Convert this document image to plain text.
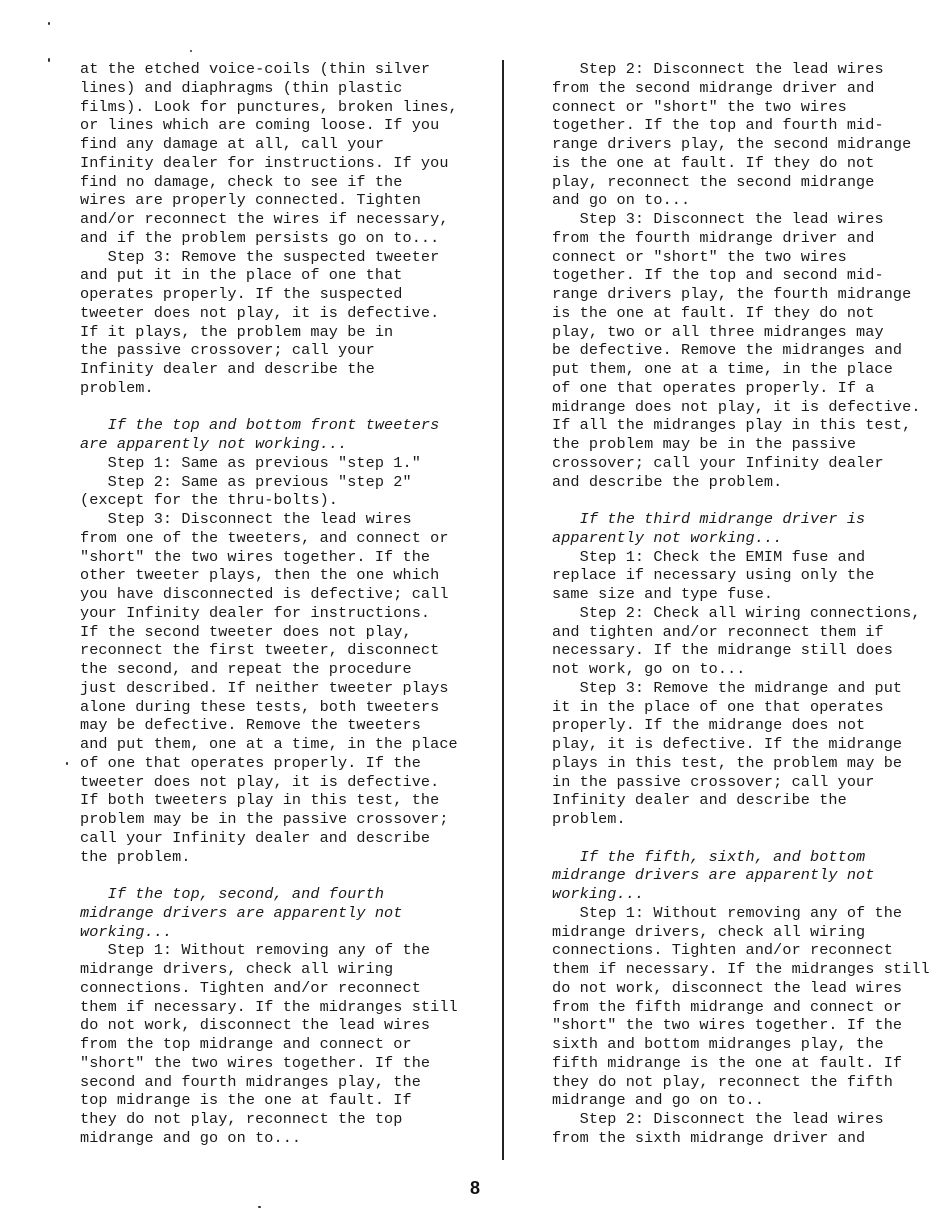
at the etched voice-coils (thin silver
lines) and diaphragms (thin plastic
films). Look for punctures, broken lines,
or lines which are coming loose. If you
find any damage at all, call your
Infinity dealer for instructions. If you
find no damage, check to see if the
wires are properly connected. Tighten
and/or reconnect the wires if necessary,
and if the problem persists go on to...
Step 3: Remove the suspected tweeter
and put it in the place of one that
operates properly. If the suspected
tweeter does not play, it is defective.
If it plays, the problem may be in
the passive crossover; call your
Infinity dealer and describe the
problem.
If the top and bottom front tweeters
are apparently not working...
Step 1: Same as previous "step 1."
Step 2: Same as previous "step 2"
(except for the thru-bolts).
Step 3: Disconnect the lead wires
from one of the tweeters, and connect or
"short" the two wires together. If the
other tweeter plays, then the one which
you have disconnected is defective; call
your Infinity dealer for instructions.
If the second tweeter does not play,
reconnect the first tweeter, disconnect
the second, and repeat the procedure
just described. If neither tweeter plays
alone during these tests, both tweeters
may be defective. Remove the tweeters
and put them, one at a time, in the place
of one that operates properly. If the
tweeter does not play, it is defective.
If both tweeters play in this test, the
problem may be in the passive crossover;
call your Infinity dealer and describe
the problem.
If the top, second, and fourth
midrange drivers are apparently not
working...
Step 1: Without removing any of the
midrange drivers, check all wiring
connections. Tighten and/or reconnect
them if necessary. If the midranges still
do not work, disconnect the lead wires
from the top midrange and connect or
"short" the two wires together. If the
second and fourth midranges play, the
top midrange is the one at fault. If
they do not play, reconnect the top
midrange and go on to...
Step 2: Disconnect the lead wires
from the second midrange driver and
connect or "short" the two wires
together. If the top and fourth mid-
range drivers play, the second midrange
is the one at fault. If they do not
play, reconnect the second midrange
and go on to...
Step 3: Disconnect the lead wires
from the fourth midrange driver and
connect or "short" the two wires
together. If the top and second mid-
range drivers play, the fourth midrange
is the one at fault. If they do not
play, two or all three midranges may
be defective. Remove the midranges and
put them, one at a time, in the place
of one that operates properly. If a
midrange does not play, it is defective.
If all the midranges play in this test,
the problem may be in the passive
crossover; call your Infinity dealer
and describe the problem.
If the third midrange driver is
apparently not working...
Step 1: Check the EMIM fuse and
replace if necessary using only the
same size and type fuse.
Step 2: Check all wiring connections,
and tighten and/or reconnect them if
necessary. If the midrange still does
not work, go on to...
Step 3: Remove the midrange and put
it in the place of one that operates
properly. If the midrange does not
play, it is defective. If the midrange
plays in this test, the problem may be
in the passive crossover; call your
Infinity dealer and describe the
problem.
If the fifth, sixth, and bottom
midrange drivers are apparently not
working...
Step 1: Without removing any of the
midrange drivers, check all wiring
connections. Tighten and/or reconnect
them if necessary. If the midranges still
do not work, disconnect the lead wires
from the fifth midrange and connect or
"short" the two wires together. If the
sixth and bottom midranges play, the
fifth midrange is the one at fault. If
they do not play, reconnect the fifth
midrange and go on to..
Step 2: Disconnect the lead wires
from the sixth midrange driver and
8
